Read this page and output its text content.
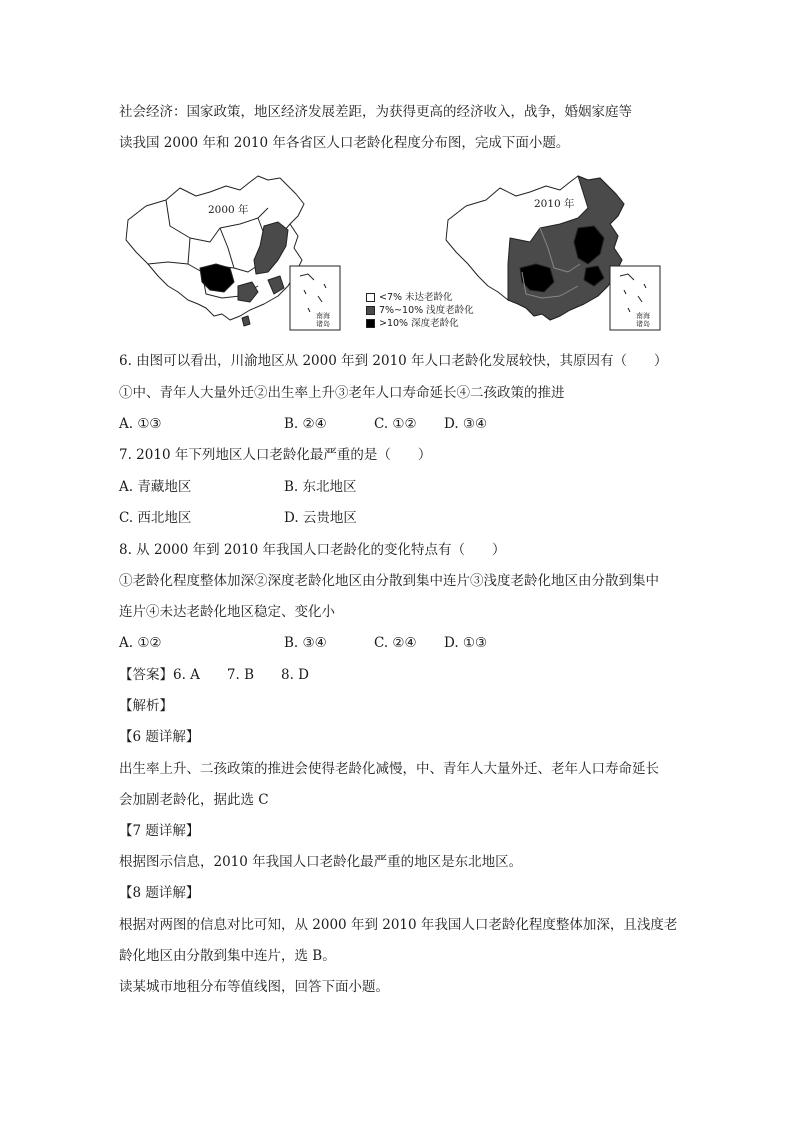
社会经济：国家政策，地区经济发展差距，为获得更高的经济收入，战争，婚姻家庭等
读我国 2000 年和 2010 年各省区人口老龄化程度分布图，完成下面小题。
2000 年	2010 年
南海诸岛
南海诸岛
<7% 未达老龄化
7%~10% 浅度老龄化
>10% 深度老龄化
6. 由图可以看出，川渝地区从 2000 年到 2010 年人口老龄化发展较快，其原因有（　　）
①中、青年人大量外迁②出生率上升③老年人口寿命延长④二孩政策的推进
A. ①③	B. ②④	C. ①② D. ③④
7. 2010 年下列地区人口老龄化最严重的是（　　）
A. 青藏地区	B. 东北地区
C. 西北地区	D. 云贵地区
8. 从 2000 年到 2010 年我国人口老龄化的变化特点有（　　）
①老龄化程度整体加深②深度老龄化地区由分散到集中连片③浅度老龄化地区由分散到集中
连片④未达老龄化地区稳定、变化小
A. ①②	B. ③④	C. ②④ D. ①③
【答案】6. A　　7. B　　8. D
【解析】
【6 题详解】
出生率上升、二孩政策的推进会使得老龄化减慢，中、青年人大量外迁、老年人口寿命延长
会加剧老龄化，据此选 C
【7 题详解】
根据图示信息，2010 年我国人口老龄化最严重的地区是东北地区。
【8 题详解】
根据对两图的信息对比可知，从 2000 年到 2010 年我国人口老龄化程度整体加深，且浅度老
龄化地区由分散到集中连片，选 B。
读某城市地租分布等值线图，回答下面小题。
